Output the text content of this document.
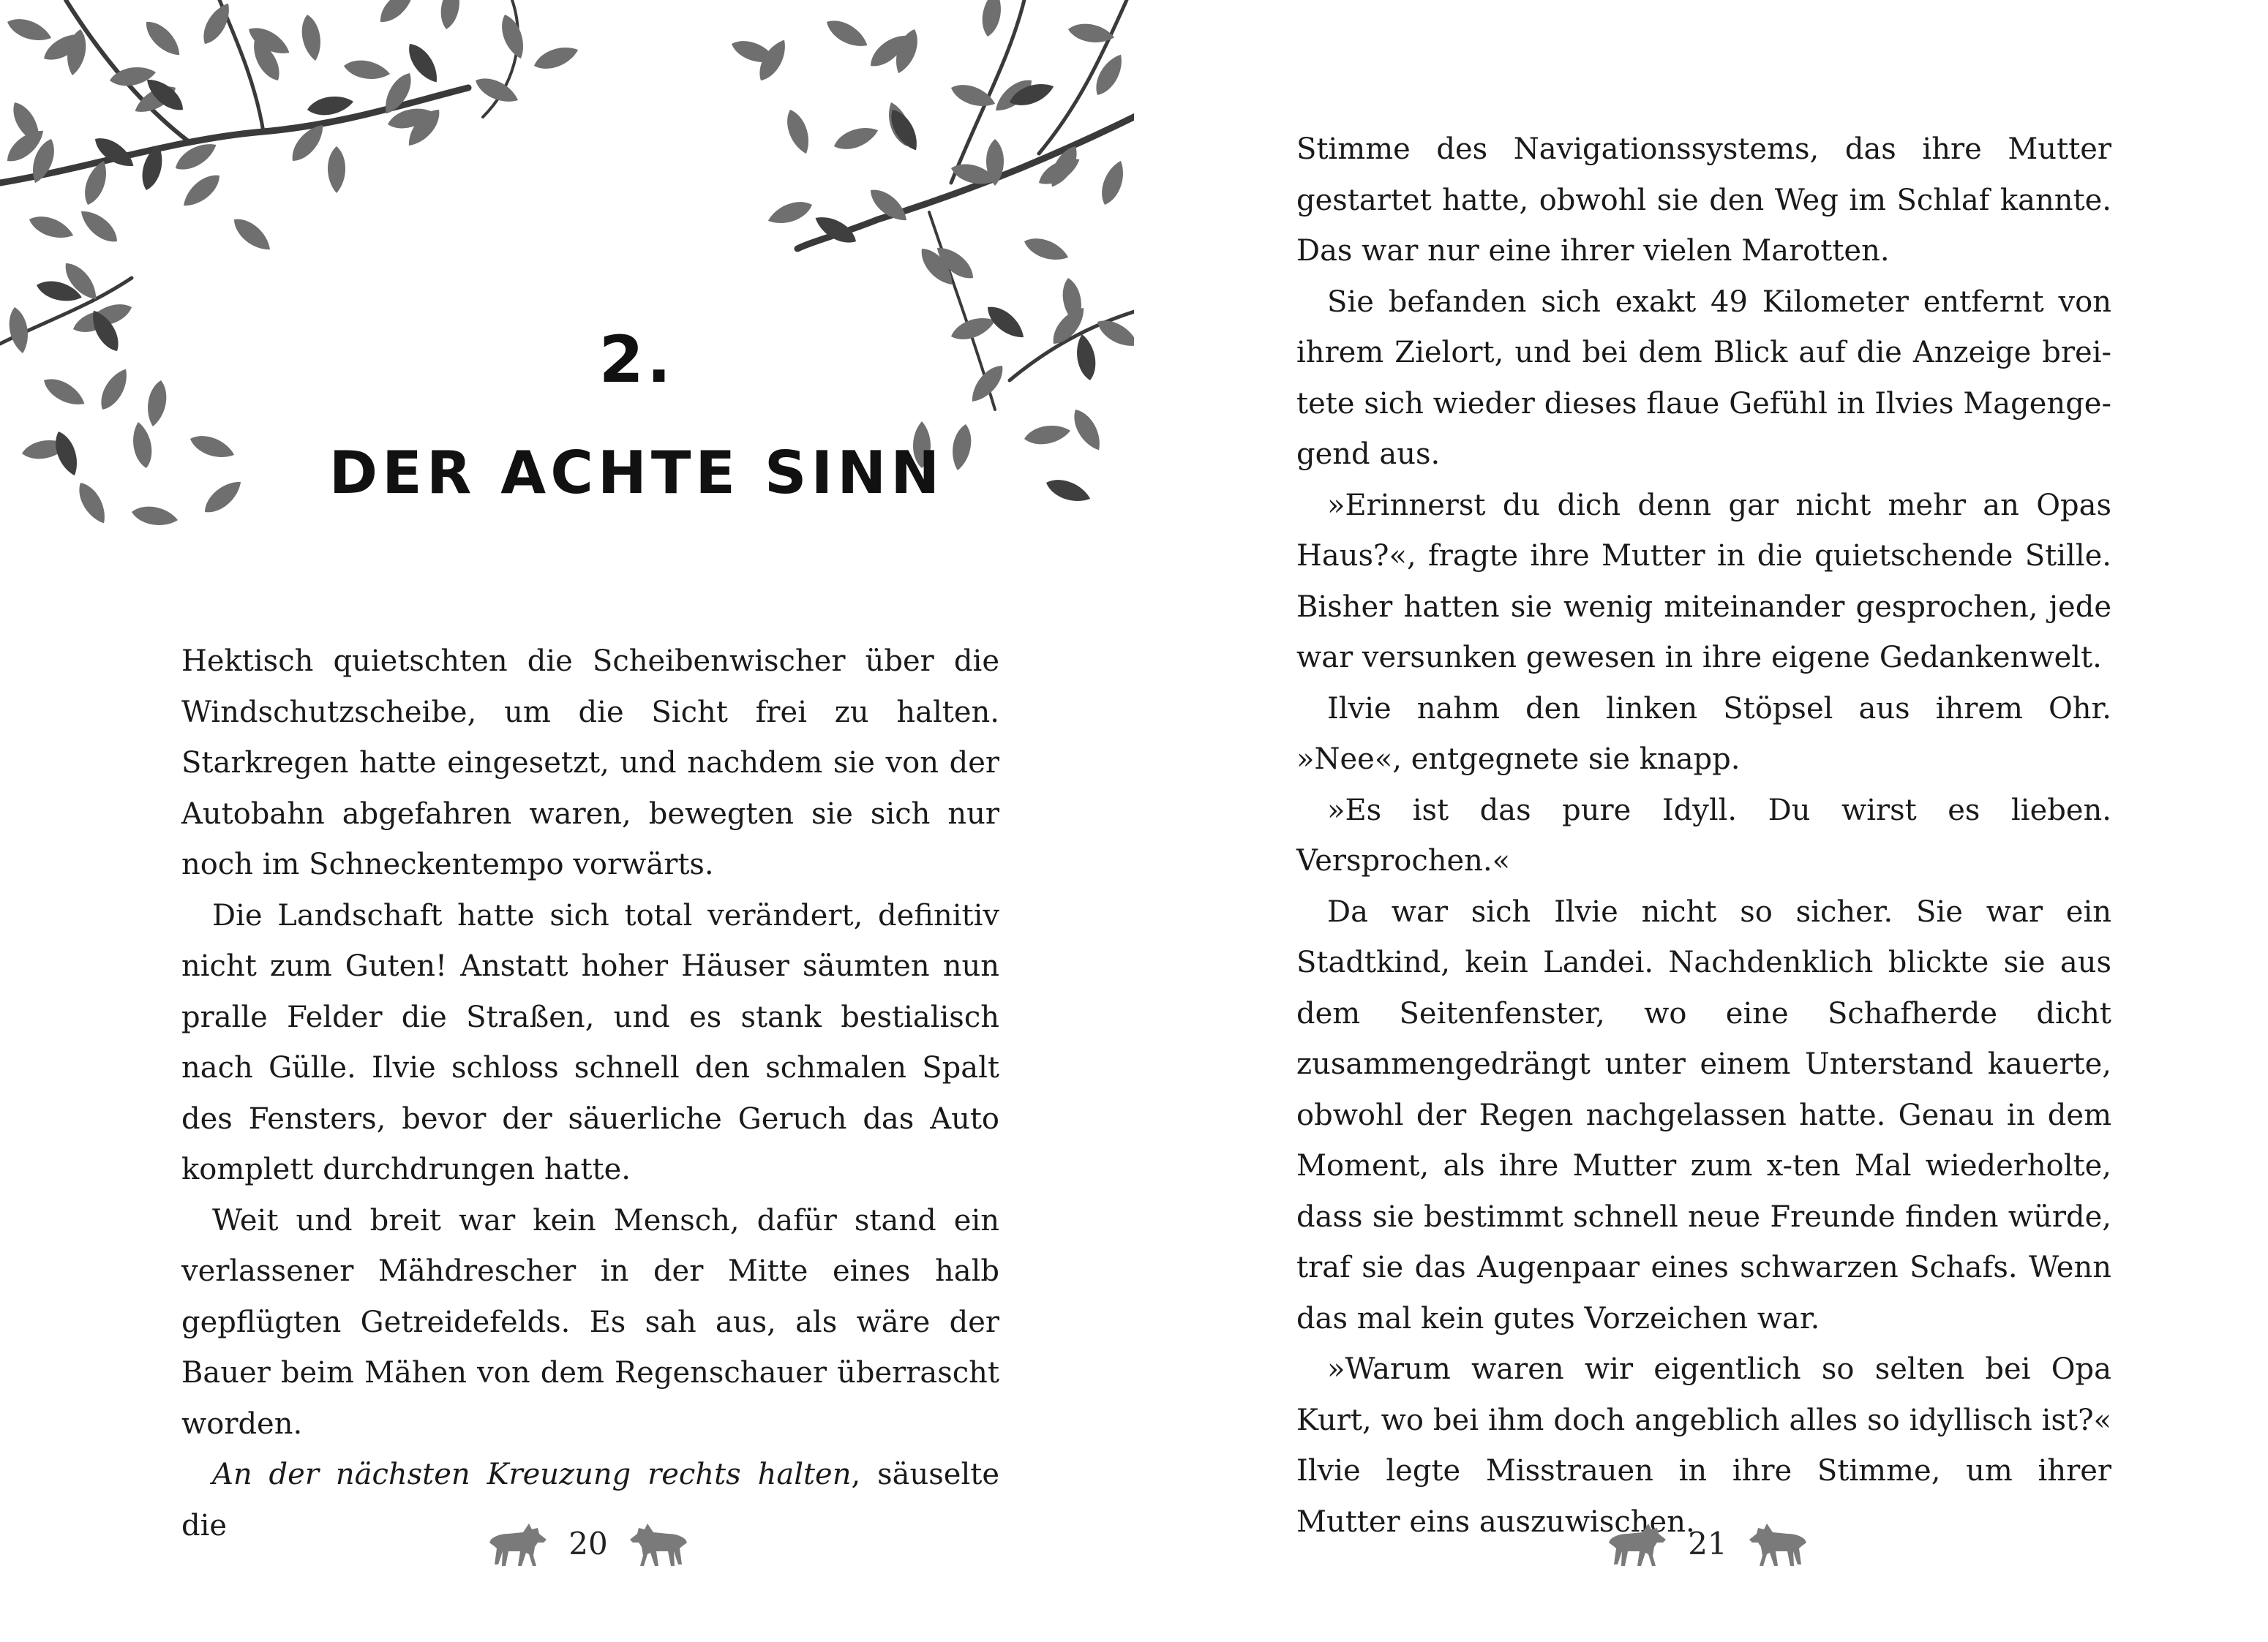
2.
DER ACHTE SINN

Hektisch quietschten die Scheibenwischer über die Windschutzscheibe, um die Sicht frei zu halten. Starkregen hatte eingesetzt, und nachdem sie von der Autobahn abgefahren waren, bewegten sie sich nur noch im Schneckentempo vorwärts.

Die Landschaft hatte sich total verändert, definitiv nicht zum Guten! Anstatt hoher Häuser säumten nun pralle Felder die Straßen, und es stank bestialisch nach Gülle. Ilvie schloss schnell den schmalen Spalt des Fensters, bevor der säuerliche Geruch das Auto komplett durchdrungen hatte.

Weit und breit war kein Mensch, dafür stand ein verlassener Mähdrescher in der Mitte eines halb gepflügten Getreidefelds. Es sah aus, als wäre der Bauer beim Mähen von dem Regenschauer überrascht worden.

An der nächsten Kreuzung rechts halten, säuselte die	20

Stimme des Navigationssystems, das ihre Mutter gestartet hatte, obwohl sie den Weg im Schlaf kannte. Das war nur eine ihrer vielen Marotten.

Sie befanden sich exakt 49 Kilometer entfernt von ihrem Zielort, und bei dem Blick auf die Anzeige breitete sich wieder dieses flaue Gefühl in Ilvies Magengegend aus.

»Erinnerst du dich denn gar nicht mehr an Opas Haus?«, fragte ihre Mutter in die quietschende Stille. Bisher hatten sie wenig miteinander gesprochen, jede war versunken gewesen in ihre eigene Gedankenwelt.

Ilvie nahm den linken Stöpsel aus ihrem Ohr. »Nee«, entgegnete sie knapp.

»Es ist das pure Idyll. Du wirst es lieben. Versprochen.«

Da war sich Ilvie nicht so sicher. Sie war ein Stadtkind, kein Landei. Nachdenklich blickte sie aus dem Seitenfenster, wo eine Schafherde dicht zusammengedrängt unter einem Unterstand kauerte, obwohl der Regen nachgelassen hatte. Genau in dem Moment, als ihre Mutter zum x-ten Mal wiederholte, dass sie bestimmt schnell neue Freunde finden würde, traf sie das Augenpaar eines schwarzen Schafs. Wenn das mal kein gutes Vorzeichen war.

»Warum waren wir eigentlich so selten bei Opa Kurt, wo bei ihm doch angeblich alles so idyllisch ist?« Ilvie legte Misstrauen in ihre Stimme, um ihrer Mutter eins auszuwischen.

21
